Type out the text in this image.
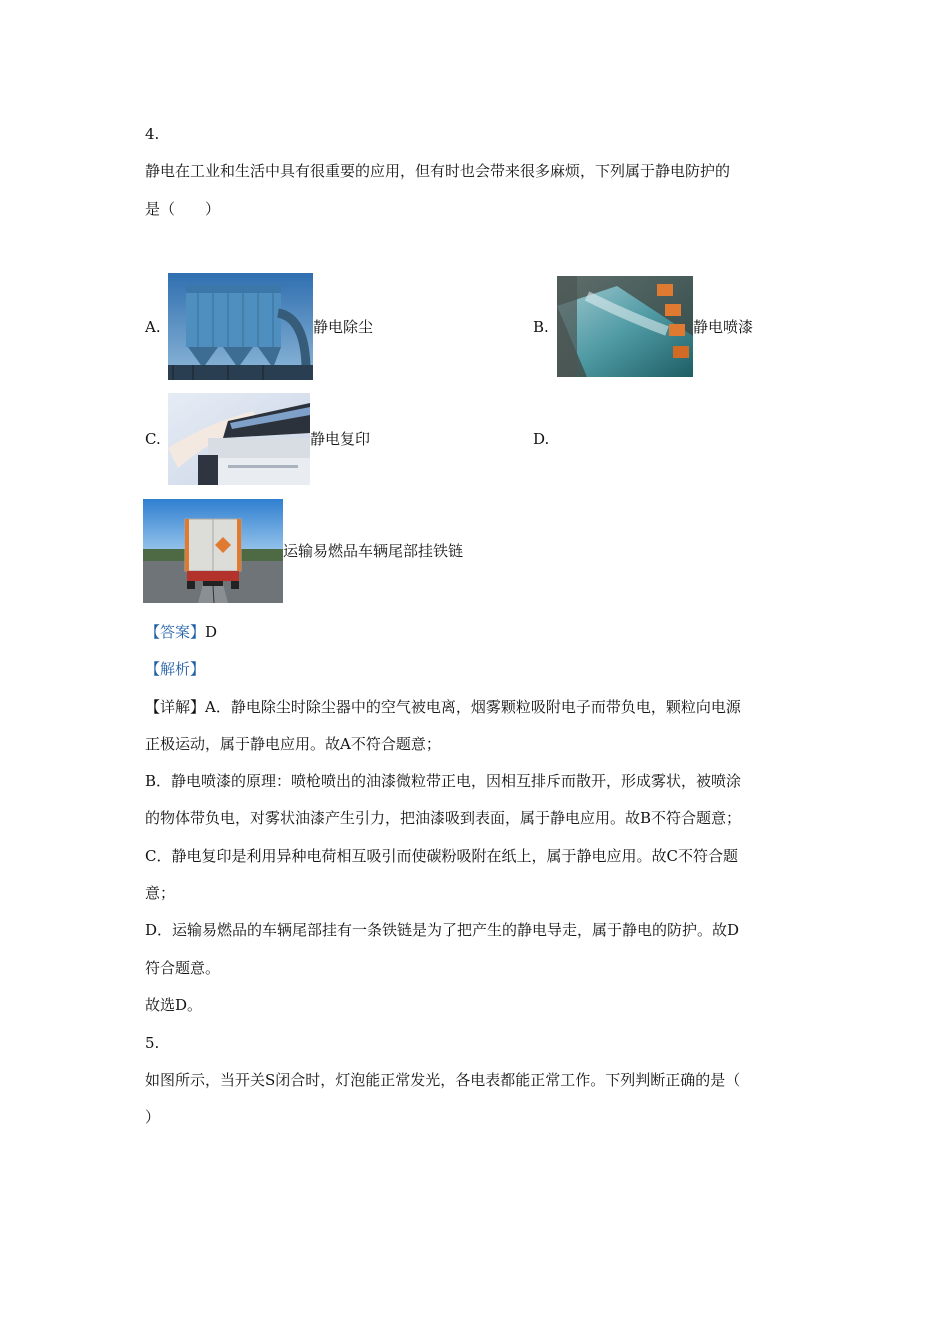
4.
静电在工业和生活中具有很重要的应用，但有时也会带来很多麻烦，下列属于静电防护的
是（　　）
A.	静电除尘	B.	静电喷漆
C.	静电复印	D.
运输易燃品车辆尾部挂铁链
【答案】D
【解析】
【详解】A．静电除尘时除尘器中的空气被电离，烟雾颗粒吸附电子而带负电，颗粒向电源
正极运动，属于静电应用。故A不符合题意；
B．静电喷漆的原理：喷枪喷出的油漆微粒带正电，因相互排斥而散开，形成雾状，被喷涂
的物体带负电，对雾状油漆产生引力，把油漆吸到表面，属于静电应用。故B不符合题意；
C．静电复印是利用异种电荷相互吸引而使碳粉吸附在纸上，属于静电应用。故C不符合题
意；
D．运输易燃品的车辆尾部挂有一条铁链是为了把产生的静电导走，属于静电的防护。故D
符合题意。
故选D。
5.
如图所示，当开关S闭合时，灯泡能正常发光，各电表都能正常工作。下列判断正确的是（
）
